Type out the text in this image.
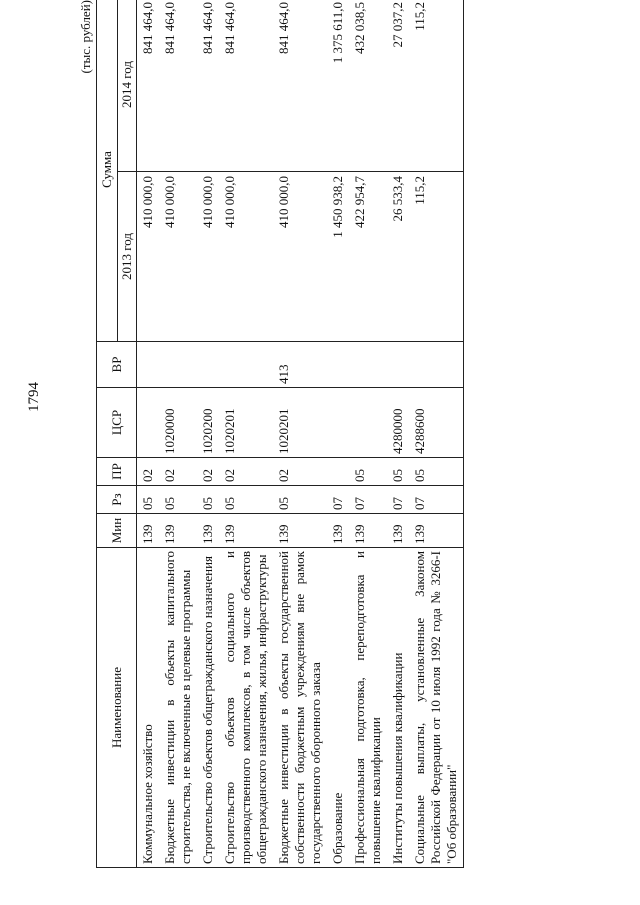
1794
(тыс. рублей)
Наименование	Мин	Рз	ПР	ЦСР	ВР	Сумма	
						2013 год	2014 год
Коммунальное хозяйство	139	05	02			410 000,0	841 464,0
Бюджетные инвестиции в объекты капитального строительства, не включенные в целевые программы	139	05	02	1020000		410 000,0	841 464,0
Строительство объектов общегражданского назначения	139	05	02	1020200		410 000,0	841 464,0
Строительство объектов социального и производственного комплексов, в том числе объектов общегражданского назначения, жилья, инфраструктуры	139	05	02	1020201		410 000,0	841 464,0
Бюджетные инвестиции в объекты государственной собственности бюджетным учреждениям вне рамок государственного оборонного заказа	139	05	02	1020201	413	410 000,0	841 464,0
Образование	139	07				1 450 938,2	1 375 611,0
Профессиональная подготовка, переподготовка и повышение квалификации	139	07	05			422 954,7	432 038,5
Институты повышения квалификации	139	07	05	4280000		26 533,4	27 037,2
Социальные выплаты, установленные Законом Российской Федерации от 10 июля 1992 года № 3266-I "Об образовании"	139	07	05	4288600		115,2	115,2
